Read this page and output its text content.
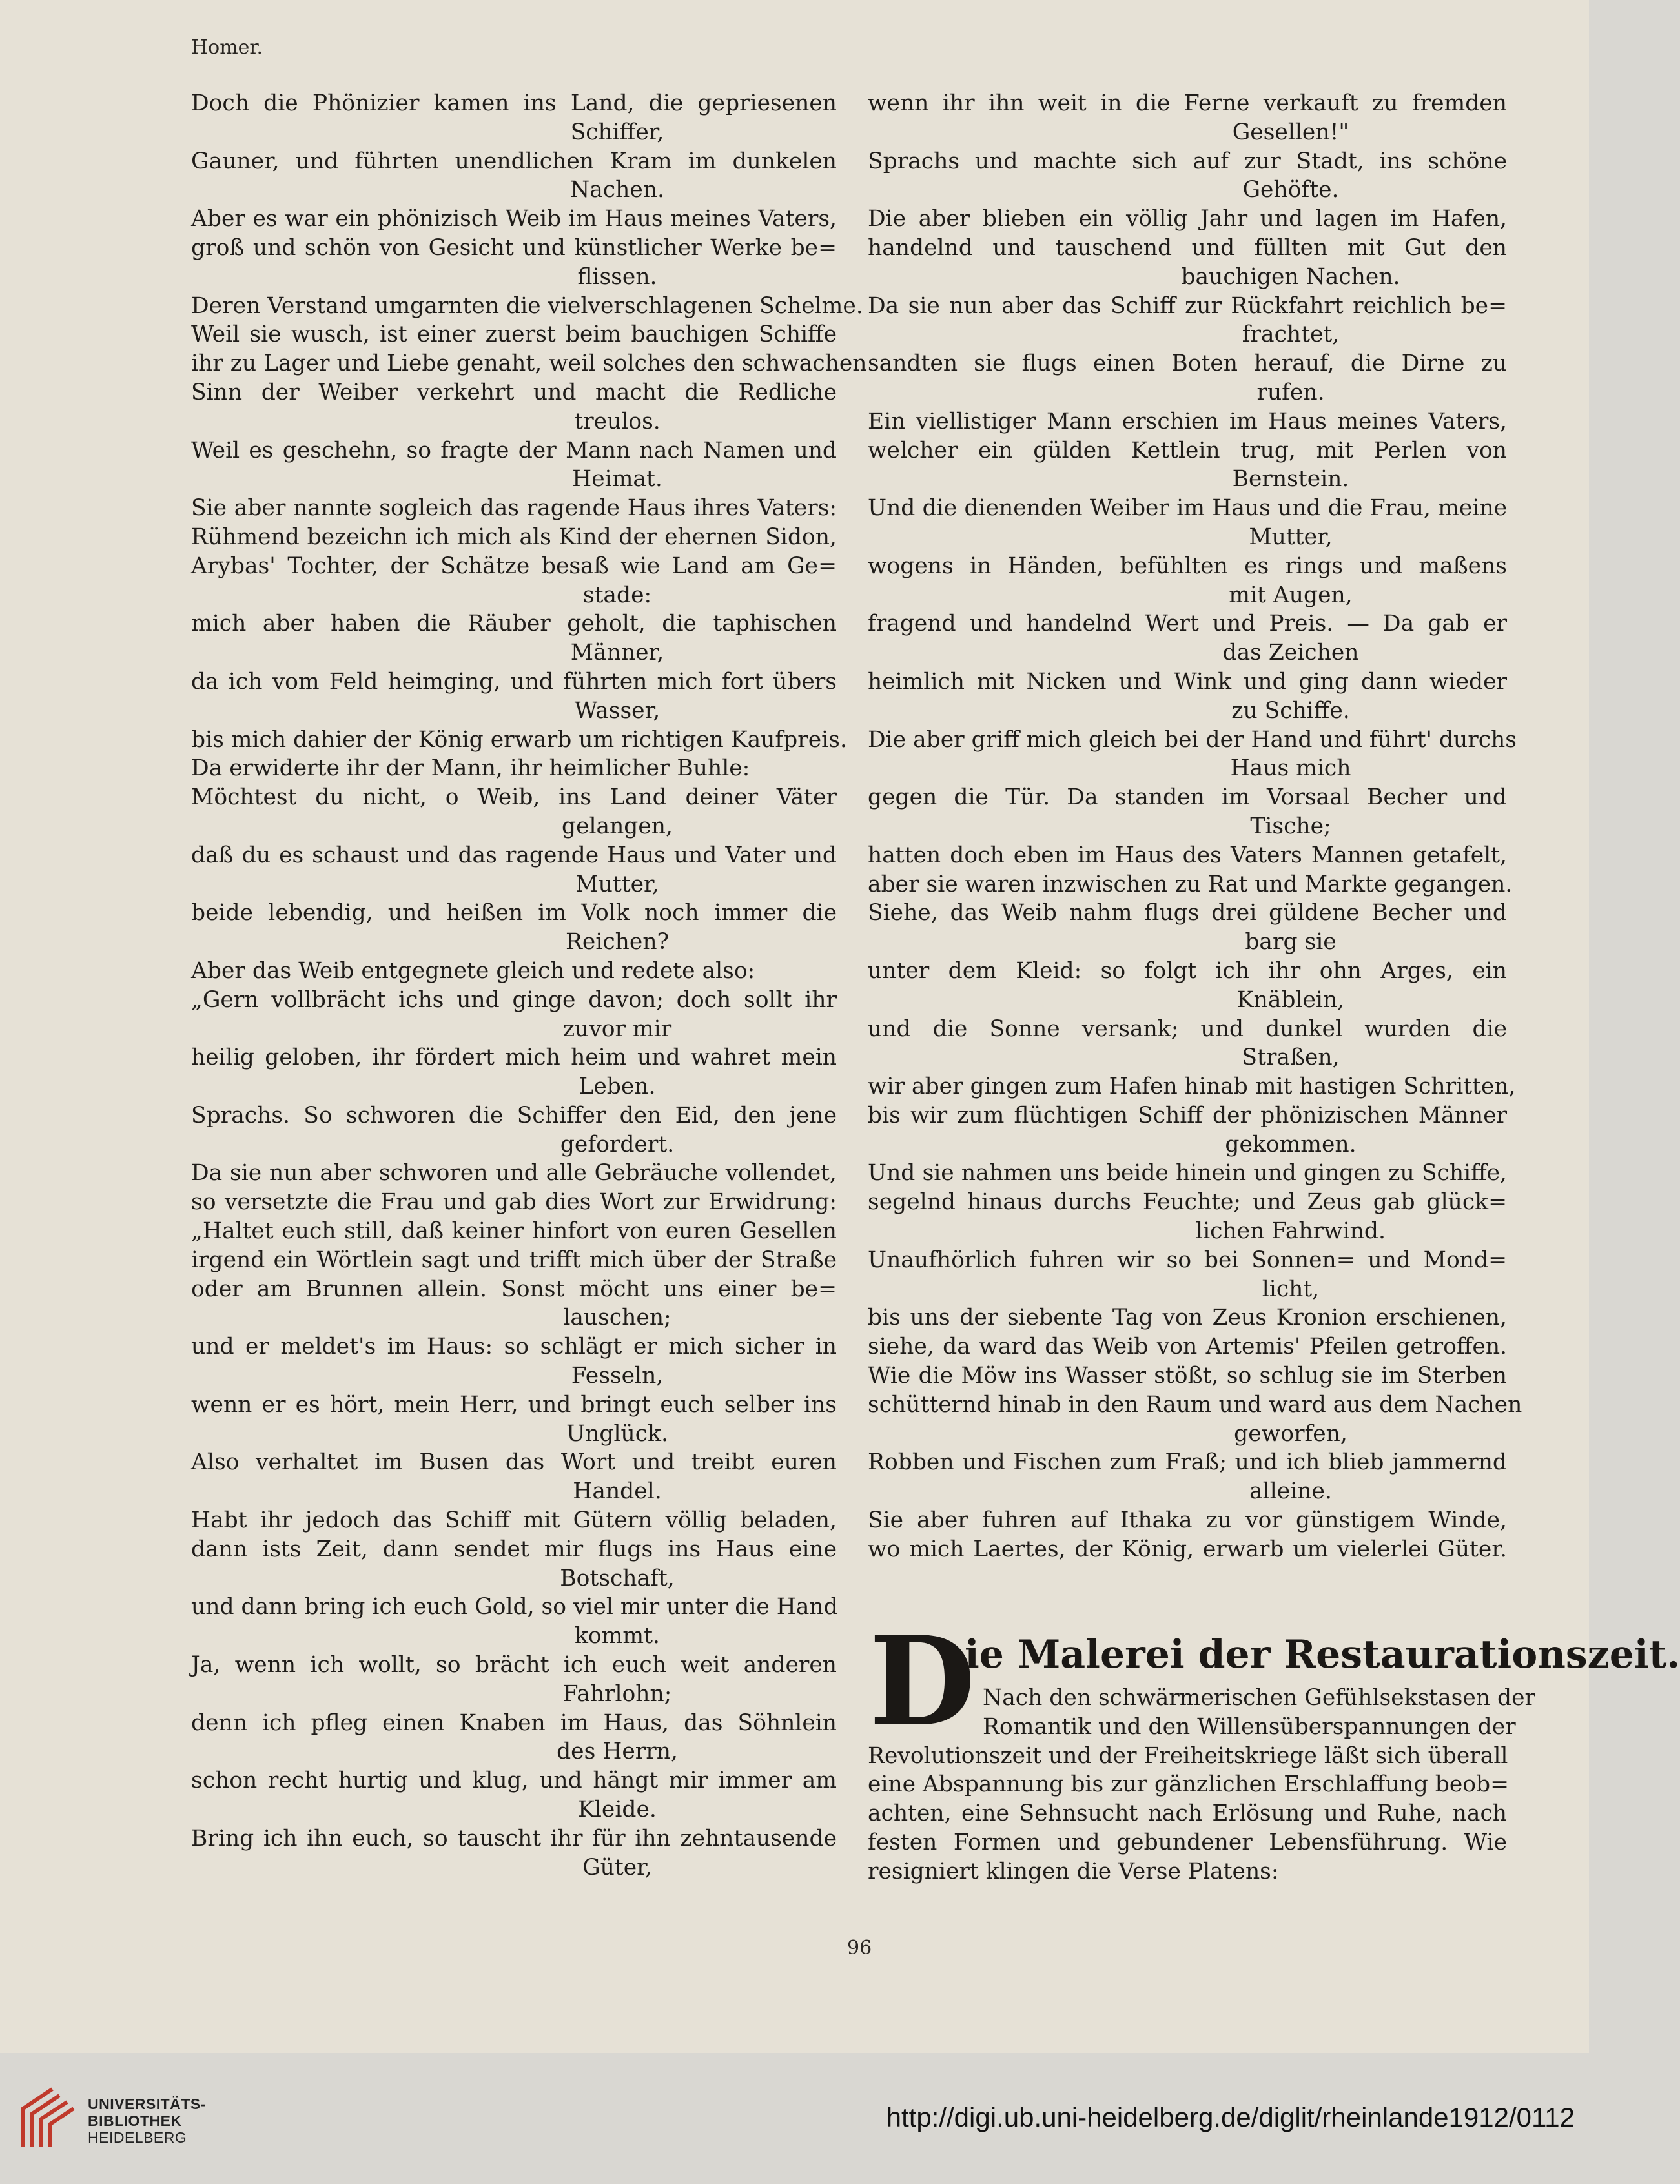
Homer.
Doch die Phönizier kamen ins Land, die gepriesenen
Schiffer,
Gauner, und führten unendlichen Kram im dunkelen
Nachen.
Aber es war ein phönizisch Weib im Haus meines Vaters,
groß und schön von Gesicht und künstlicher Werke be=
flissen.
Deren Verstand umgarnten die vielverschlagenen Schelme.
Weil sie wusch, ist einer zuerst beim bauchigen Schiffe
ihr zu Lager und Liebe genaht, weil solches den schwachen
Sinn der Weiber verkehrt und macht die Redliche
treulos.
Weil es geschehn, so fragte der Mann nach Namen und
Heimat.
Sie aber nannte sogleich das ragende Haus ihres Vaters:
Rühmend bezeichn ich mich als Kind der ehernen Sidon,
Arybas' Tochter, der Schätze besaß wie Land am Ge=
stade:
mich aber haben die Räuber geholt, die taphischen
Männer,
da ich vom Feld heimging, und führten mich fort übers
Wasser,
bis mich dahier der König erwarb um richtigen Kaufpreis.
Da erwiderte ihr der Mann, ihr heimlicher Buhle:
Möchtest du nicht, o Weib, ins Land deiner Väter
gelangen,
daß du es schaust und das ragende Haus und Vater und
Mutter,
beide lebendig, und heißen im Volk noch immer die
Reichen?
Aber das Weib entgegnete gleich und redete also:
„Gern vollbrächt ichs und ginge davon; doch sollt ihr
zuvor mir
heilig geloben, ihr fördert mich heim und wahret mein
Leben.
Sprachs. So schworen die Schiffer den Eid, den jene
gefordert.
Da sie nun aber schworen und alle Gebräuche vollendet,
so versetzte die Frau und gab dies Wort zur Erwidrung:
„Haltet euch still, daß keiner hinfort von euren Gesellen
irgend ein Wörtlein sagt und trifft mich über der Straße
oder am Brunnen allein. Sonst möcht uns einer be=
lauschen;
und er meldet's im Haus: so schlägt er mich sicher in
Fesseln,
wenn er es hört, mein Herr, und bringt euch selber ins
Unglück.
Also verhaltet im Busen das Wort und treibt euren
Handel.
Habt ihr jedoch das Schiff mit Gütern völlig beladen,
dann ists Zeit, dann sendet mir flugs ins Haus eine
Botschaft,
und dann bring ich euch Gold, so viel mir unter die Hand
kommt.
Ja, wenn ich wollt, so brächt ich euch weit anderen
Fahrlohn;
denn ich pfleg einen Knaben im Haus, das Söhnlein
des Herrn,
schon recht hurtig und klug, und hängt mir immer am
Kleide.
Bring ich ihn euch, so tauscht ihr für ihn zehntausende
Güter,
wenn ihr ihn weit in die Ferne verkauft zu fremden
Gesellen!"
Sprachs und machte sich auf zur Stadt, ins schöne
Gehöfte.
Die aber blieben ein völlig Jahr und lagen im Hafen,
handelnd und tauschend und füllten mit Gut den
bauchigen Nachen.
Da sie nun aber das Schiff zur Rückfahrt reichlich be=
frachtet,
sandten sie flugs einen Boten herauf, die Dirne zu
rufen.
Ein viellistiger Mann erschien im Haus meines Vaters,
welcher ein gülden Kettlein trug, mit Perlen von
Bernstein.
Und die dienenden Weiber im Haus und die Frau, meine
Mutter,
wogens in Händen, befühlten es rings und maßens
mit Augen,
fragend und handelnd Wert und Preis. — Da gab er
das Zeichen
heimlich mit Nicken und Wink und ging dann wieder
zu Schiffe.
Die aber griff mich gleich bei der Hand und führt' durchs
Haus mich
gegen die Tür. Da standen im Vorsaal Becher und
Tische;
hatten doch eben im Haus des Vaters Mannen getafelt,
aber sie waren inzwischen zu Rat und Markte gegangen.
Siehe, das Weib nahm flugs drei güldene Becher und
barg sie
unter dem Kleid: so folgt ich ihr ohn Arges, ein
Knäblein,
und die Sonne versank; und dunkel wurden die
Straßen,
wir aber gingen zum Hafen hinab mit hastigen Schritten,
bis wir zum flüchtigen Schiff der phönizischen Männer
gekommen.
Und sie nahmen uns beide hinein und gingen zu Schiffe,
segelnd hinaus durchs Feuchte; und Zeus gab glück=
lichen Fahrwind.
Unaufhörlich fuhren wir so bei Sonnen= und Mond=
licht,
bis uns der siebente Tag von Zeus Kronion erschienen,
siehe, da ward das Weib von Artemis' Pfeilen getroffen.
Wie die Möw ins Wasser stößt, so schlug sie im Sterben
schütternd hinab in den Raum und ward aus dem Nachen
geworfen,
Robben und Fischen zum Fraß; und ich blieb jammernd
alleine.
Sie aber fuhren auf Ithaka zu vor günstigem Winde,
wo mich Laertes, der König, erwarb um vielerlei Güter.
D
ie Malerei der Restaurationszeit.
Nach den schwärmerischen Gefühlsekstasen der
Romantik und den Willensüberspannungen der
Revolutionszeit und der Freiheitskriege läßt sich überall
eine Abspannung bis zur gänzlichen Erschlaffung beob=
achten, eine Sehnsucht nach Erlösung und Ruhe, nach
festen Formen und gebundener Lebensführung. Wie
resigniert klingen die Verse Platens:
96
UNIVERSITÄTS-
BIBLIOTHEK
HEIDELBERG
http://digi.ub.uni-heidelberg.de/diglit/rheinlande1912/0112
